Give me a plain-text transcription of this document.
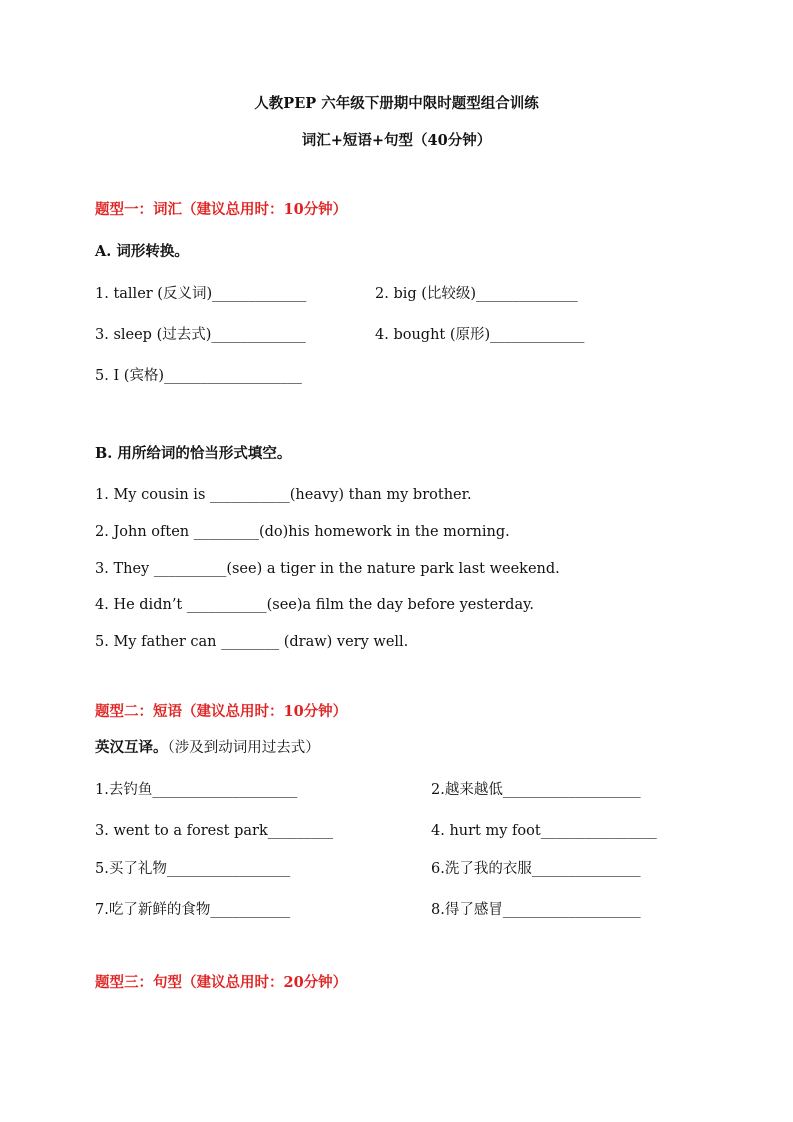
人教PEP 六年级下册期中限时题型组合训练
词汇+短语+句型（40分钟）
题型一：词汇（建议总用时：10分钟）
A. 词形转换。
1. taller (反义词)_____________	2. big (比较级)______________
3. sleep (过去式)_____________	4. bought (原形)_____________
5. I (宾格)___________________
B. 用所给词的恰当形式填空。
1. My cousin is ___________(heavy) than my brother.
2. John often _________(do)his homework in the morning.
3. They __________(see) a tiger in the nature park last weekend.
4. He didn’t ___________(see)a film the day before yesterday.
5. My father can ________ (draw) very well.
题型二：短语（建议总用时：10分钟）
英汉互译。（涉及到动词用过去式）
1.去钓鱼____________________	2.越来越低___________________
3. went to a forest park_________	4. hurt my foot________________
5.买了礼物_________________	6.洗了我的衣服_______________
7.吃了新鲜的食物___________	8.得了感冒___________________
题型三：句型（建议总用时：20分钟）
